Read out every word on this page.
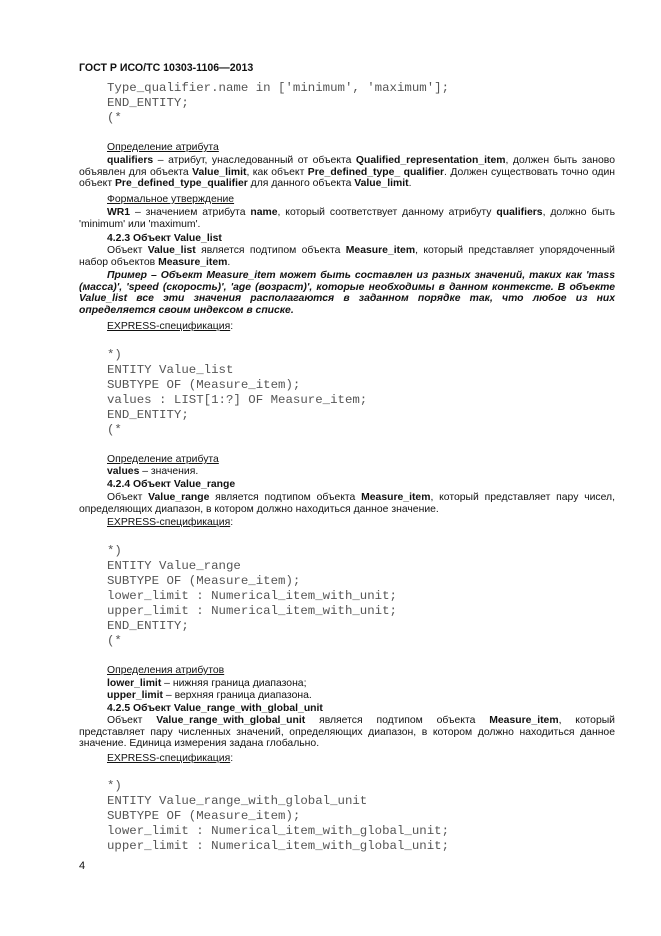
ГОСТ Р ИСО/ТС 10303-1106—2013
Type_qualifier.name in ['minimum', 'maximum'];
END_ENTITY;
(*
Определение атрибута
qualifiers – атрибут, унаследованный от объекта Qualified_representation_item, должен быть заново объявлен для объекта Value_limit, как объект Pre_defined_type_ qualifier. Должен существовать точно один объект Pre_defined_type_qualifier для данного объекта Value_limit.
Формальное утверждение
WR1 – значением атрибута name, который соответствует данному атрибуту qualifiers, должно быть 'minimum' или 'maximum'.
4.2.3 Объект Value_list
Объект Value_list является подтипом объекта Measure_item, который представляет упорядоченный набор объектов Measure_item.
Пример – Объект Measure_item может быть составлен из разных значений, таких как 'mass (масса)', 'speed (скорость)', 'age (возраст)', которые необходимы в данном контексте. В объекте Value_list все эти значения располагаются в заданном порядке так, что любое из них определяется своим индексом в списке.
EXPRESS-спецификация:
*)
ENTITY Value_list
SUBTYPE OF (Measure_item);
values : LIST[1:?] OF Measure_item;
END_ENTITY;
(*
Определение атрибута
values – значения.
4.2.4 Объект Value_range
Объект Value_range является подтипом объекта Measure_item, который представляет пару чисел, определяющих диапазон, в котором должно находиться данное значение.
EXPRESS-спецификация:
*)
ENTITY Value_range
SUBTYPE OF (Measure_item);
lower_limit : Numerical_item_with_unit;
upper_limit : Numerical_item_with_unit;
END_ENTITY;
(*
Определения атрибутов
lower_limit – нижняя граница диапазона;
upper_limit – верхняя граница диапазона.
4.2.5 Объект Value_range_with_global_unit
Объект Value_range_with_global_unit является подтипом объекта Measure_item, который представляет пару численных значений, определяющих диапазон, в котором должно находиться данное значение. Единица измерения задана глобально.
EXPRESS-спецификация:
*)
ENTITY Value_range_with_global_unit
SUBTYPE OF (Measure_item);
lower_limit : Numerical_item_with_global_unit;
upper_limit : Numerical_item_with_global_unit;
4
